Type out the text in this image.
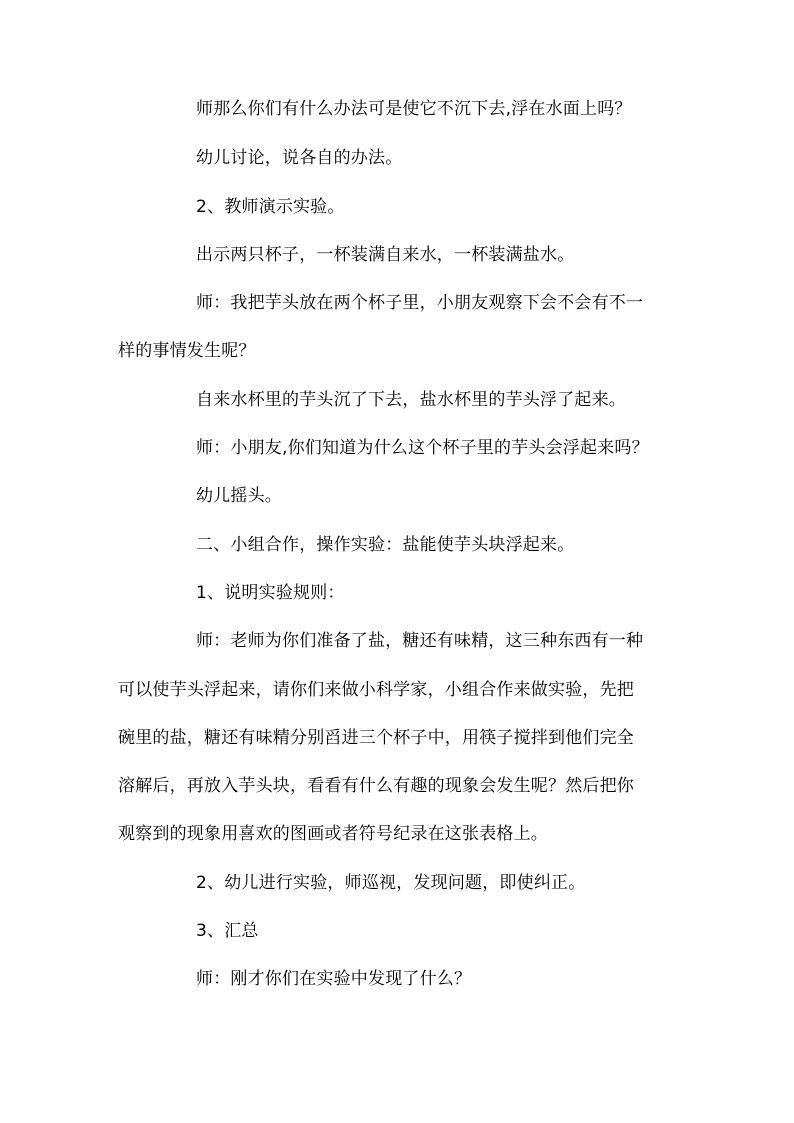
师那么你们有什么办法可是使它不沉下去,浮在水面上吗？
幼儿讨论，说各自的办法。
2、教师演示实验。
出示两只杯子，一杯装满自来水，一杯装满盐水。
师：我把芋头放在两个杯子里，小朋友观察下会不会有不一
样的事情发生呢？
自来水杯里的芋头沉了下去，盐水杯里的芋头浮了起来。
师：小朋友,你们知道为什么这个杯子里的芋头会浮起来吗？
幼儿摇头。
二、小组合作，操作实验：盐能使芋头块浮起来。
1、说明实验规则：
师：老师为你们准备了盐，糖还有味精，这三种东西有一种
可以使芋头浮起来，请你们来做小科学家，小组合作来做实验，先把
碗里的盐，糖还有味精分别舀进三个杯子中，用筷子搅拌到他们完全
溶解后，再放入芋头块，看看有什么有趣的现象会发生呢？然后把你
观察到的现象用喜欢的图画或者符号纪录在这张表格上。
2、幼儿进行实验，师巡视，发现问题，即使纠正。
3、汇总
师：刚才你们在实验中发现了什么？
